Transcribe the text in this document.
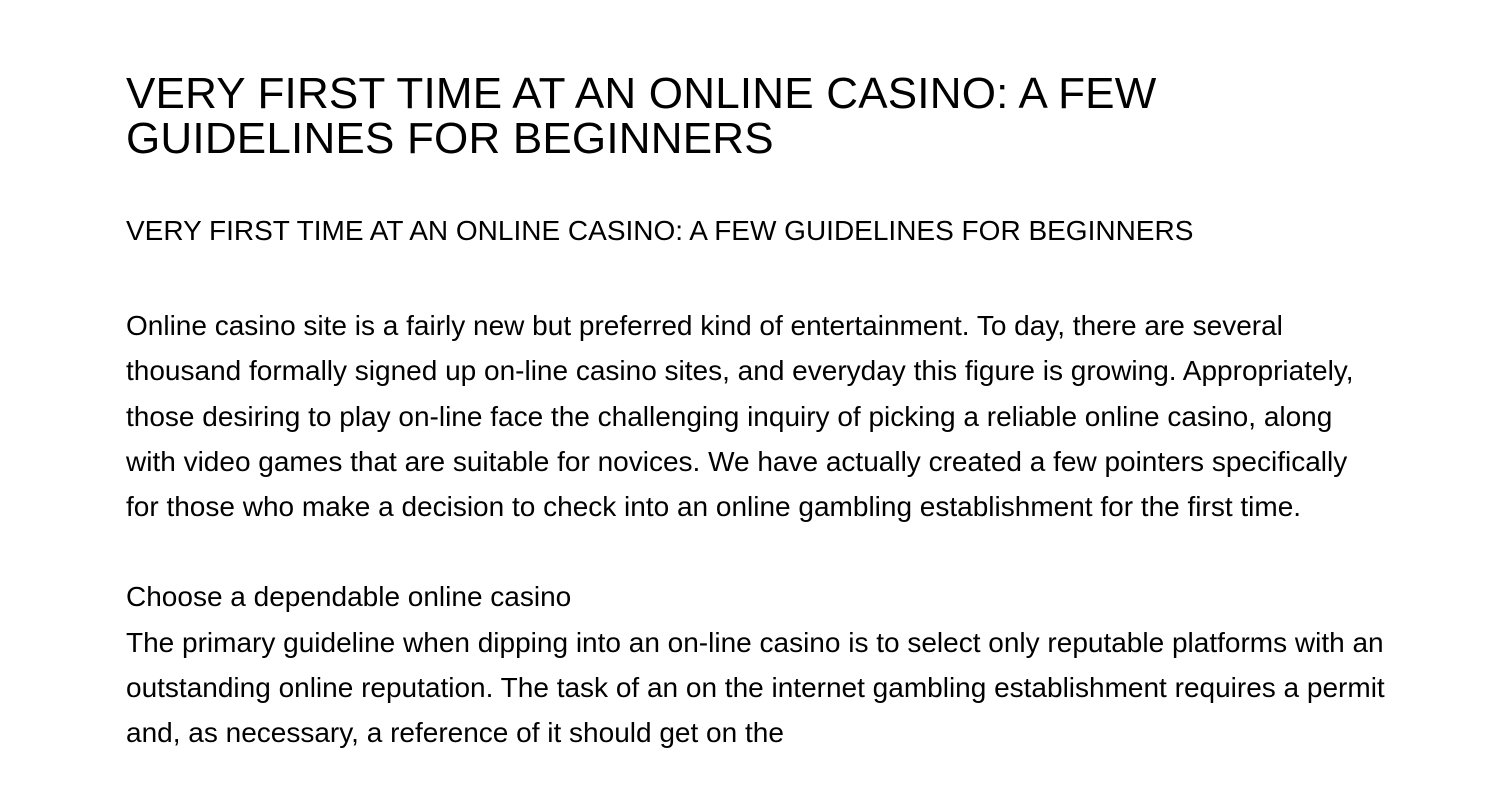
VERY FIRST TIME AT AN ONLINE CASINO: A FEW
GUIDELINES FOR BEGINNERS
VERY FIRST TIME AT AN ONLINE CASINO: A FEW GUIDELINES FOR BEGINNERS

Online casino site is a fairly new but preferred kind of entertainment. To day, there are several thousand formally signed up on-line casino sites, and everyday this figure is growing. Appropriately, those desiring to play on-line face the challenging inquiry of picking a reliable online casino, along with video games that are suitable for novices. We have actually created a few pointers specifically for those who make a decision to check into an online gambling establishment for the first time.

Choose a dependable online casino

The primary guideline when dipping into an on-line casino is to select only reputable platforms with an outstanding online reputation. The task of an on the internet gambling establishment requires a permit and, as necessary, a reference of it should get on the
